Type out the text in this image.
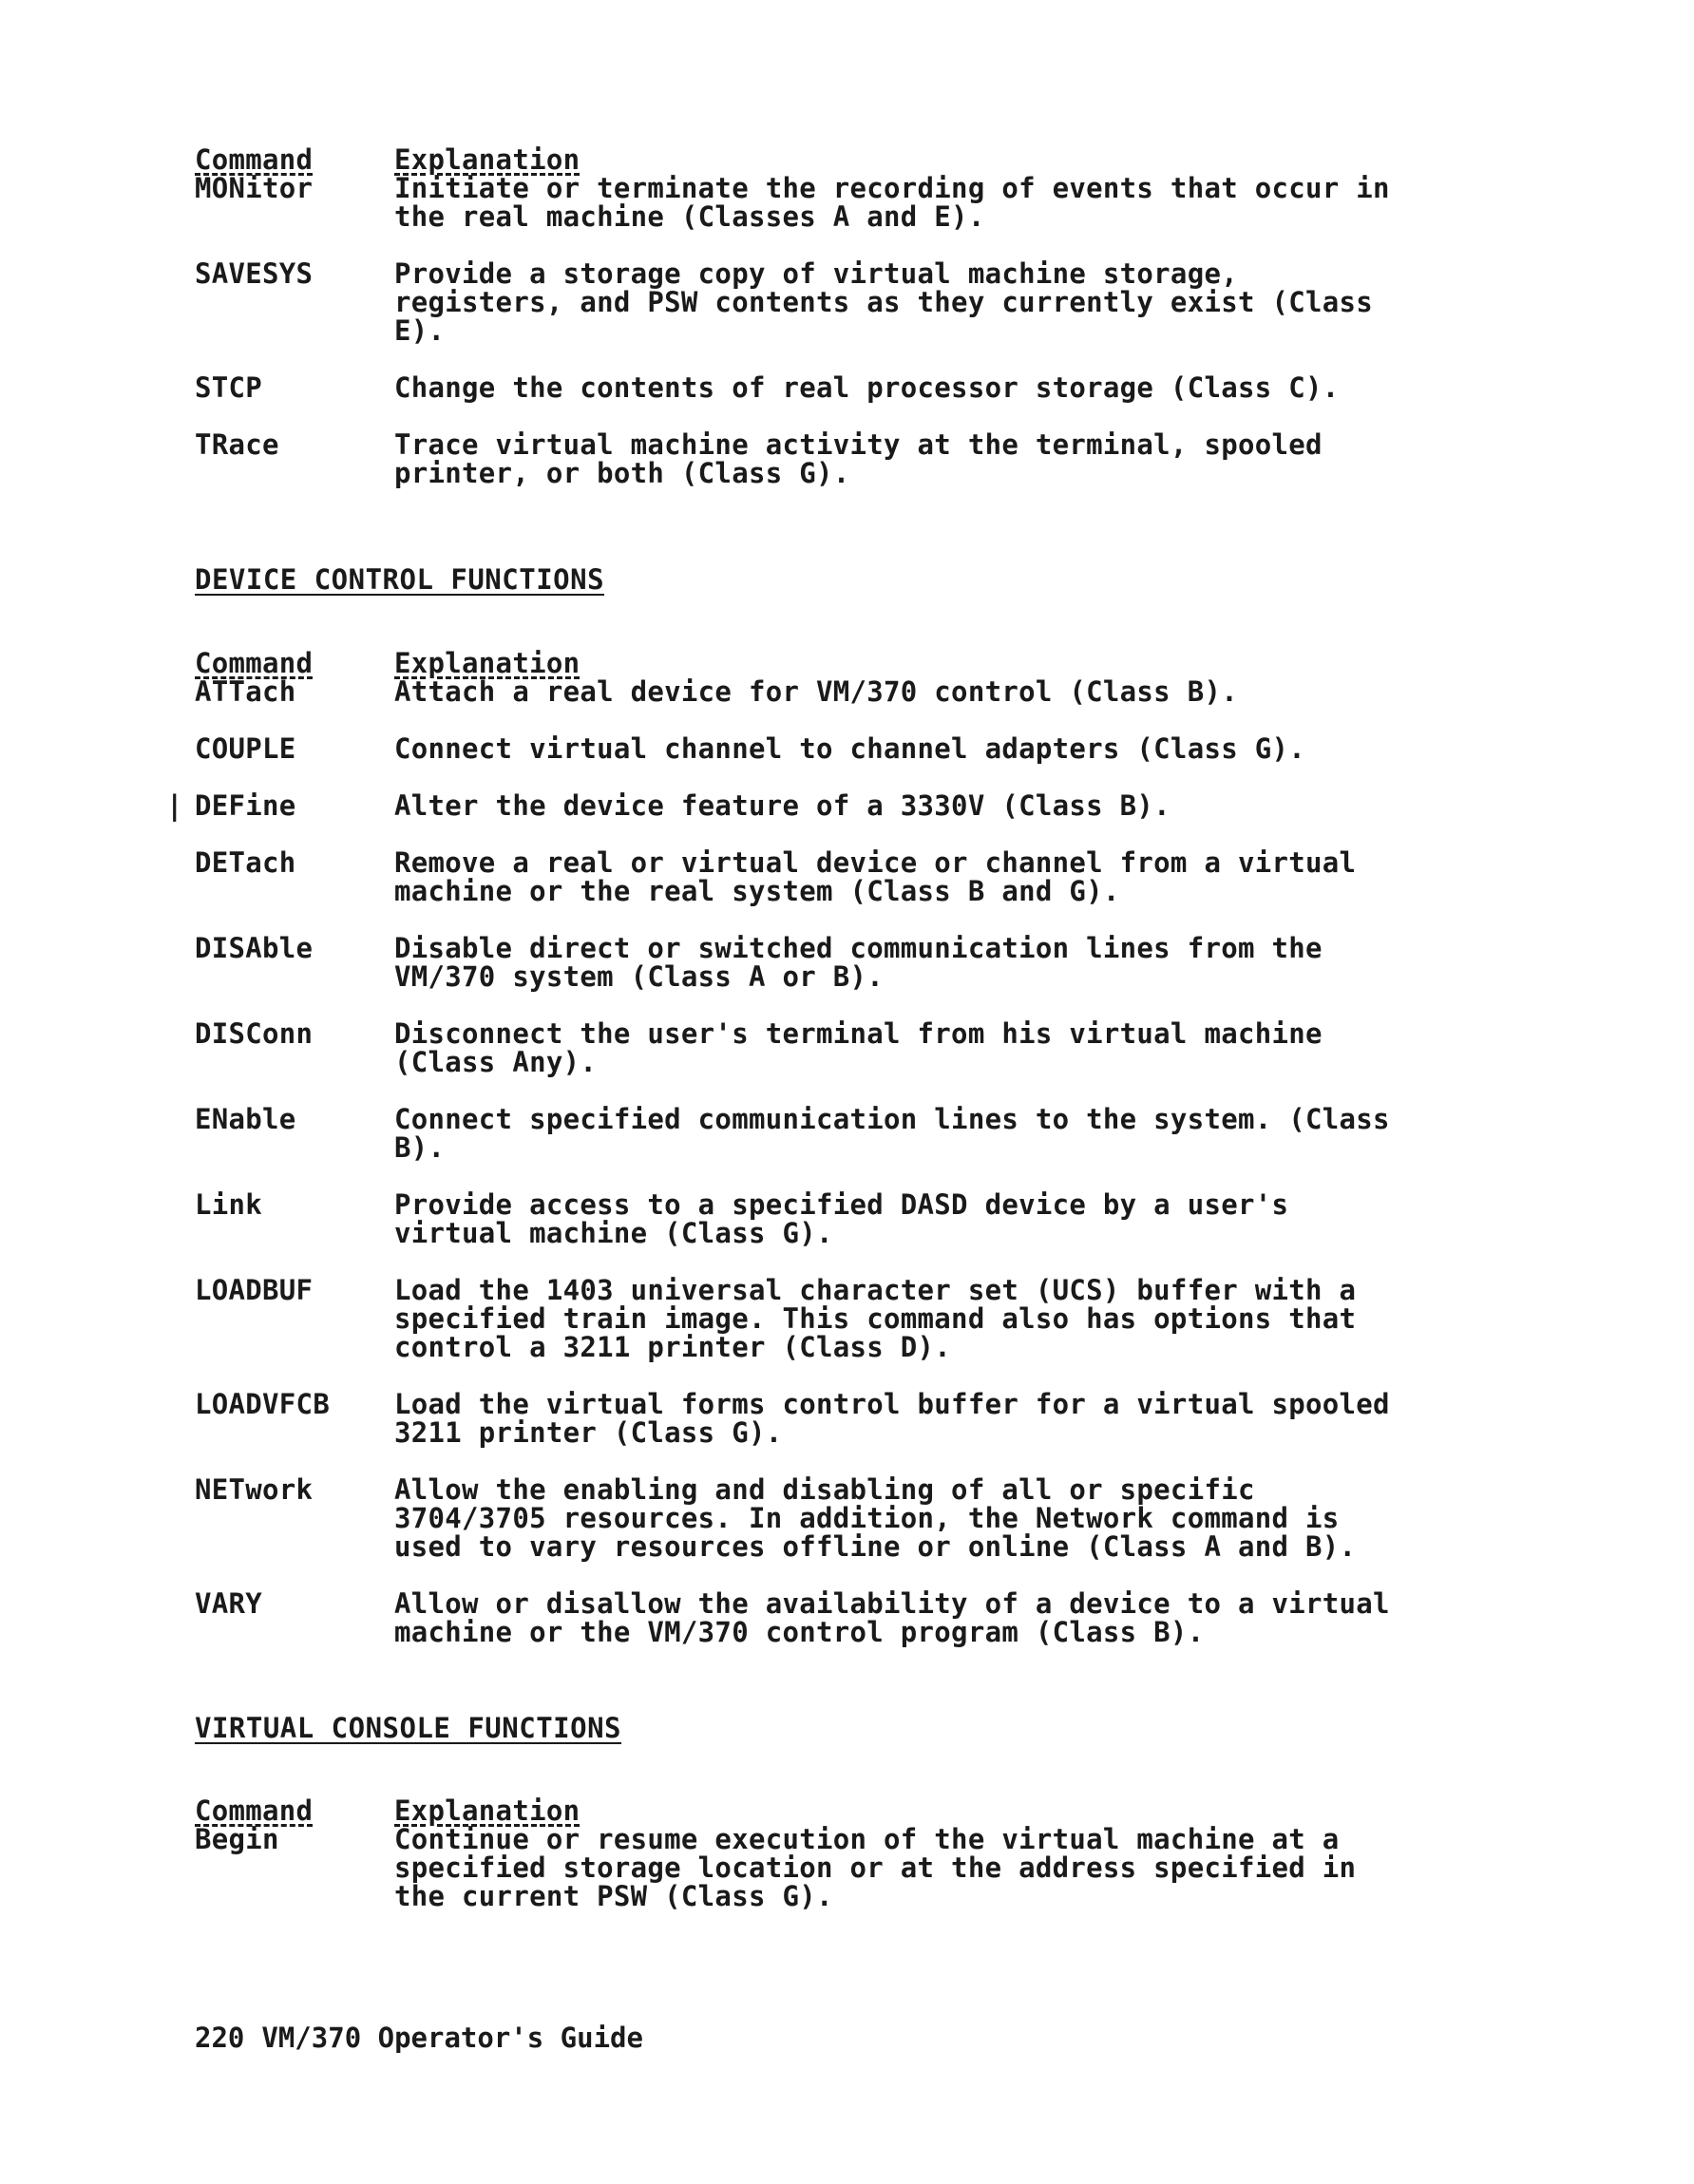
Command	Explanation
MONitor	Initiate or terminate the recording of events that occur in the real machine (Classes A and E).
SAVESYS	Provide a storage copy of virtual machine storage, registers, and PSW contents as they currently exist (Class E).
STCP	Change the contents of real processor storage (Class C).
TRace	Trace virtual machine activity at the terminal, spooled printer, or both (Class G).
DEVICE CONTROL FUNCTIONS
Command	Explanation
ATTach	Attach a real device for VM/370 control (Class B).
COUPLE	Connect virtual channel to channel adapters (Class G).
| DEFine	Alter the device feature of a 3330V (Class B).
DETach	Remove a real or virtual device or channel from a virtual machine or the real system (Class B and G).
DISAble	Disable direct or switched communication lines from the VM/370 system (Class A or B).
DISConn	Disconnect the user's terminal from his virtual machine (Class Any).
ENable	Connect specified communication lines to the system. (Class B).
Link	Provide access to a specified DASD device by a user's virtual machine (Class G).
LOADBUF	Load the 1403 universal character set (UCS) buffer with a specified train image. This command also has options that control a 3211 printer (Class D).
LOADVFCB	Load the virtual forms control buffer for a virtual spooled 3211 printer (Class G).
NETwork	Allow the enabling and disabling of all or specific 3704/3705 resources. In addition, the Network command is used to vary resources offline or online (Class A and B).
VARY	Allow or disallow the availability of a device to a virtual machine or the VM/370 control program (Class B).
VIRTUAL CONSOLE FUNCTIONS
Command	Explanation
Begin	Continue or resume execution of the virtual machine at a specified storage location or at the address specified in the current PSW (Class G).
220 VM/370 Operator's Guide
